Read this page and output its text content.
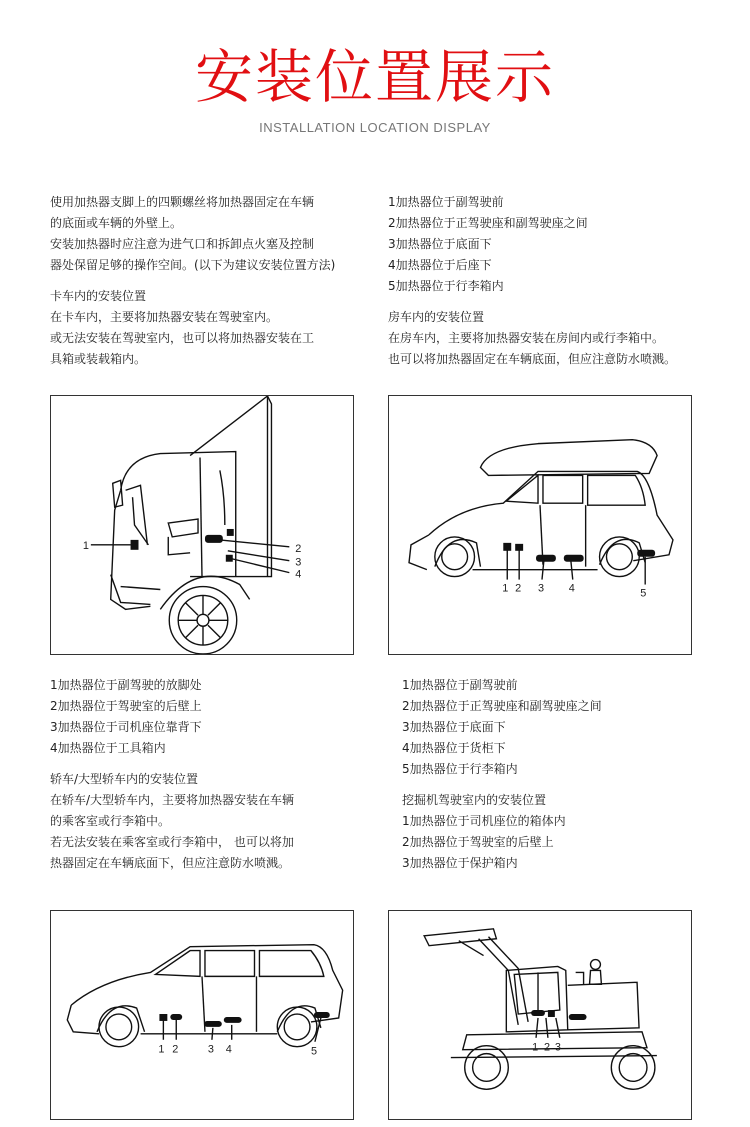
安装位置展示
INSTALLATION LOCATION DISPLAY
使用加热器支脚上的四颗螺丝将加热器固定在车辆
的底面或车辆的外壁上。
安装加热器时应注意为进气口和拆卸点火塞及控制
器处保留足够的操作空间。(以下为建议安装位置方法)
卡车内的安装位置
在卡车内，主要将加热器安装在驾驶室内。
或无法安装在驾驶室内，也可以将加热器安装在工
具箱或装载箱内。
1加热器位于副驾驶前
2加热器位于正驾驶座和副驾驶座之间
3加热器位于底面下
4加热器位于后座下
5加热器位于行李箱内
房车内的安装位置
在房车内，主要将加热器安装在房间内或行李箱中。
也可以将加热器固定在车辆底面，但应注意防水喷溅。
1	2
3
4
1 2 3 4	5
1加热器位于副驾驶的放脚处
2加热器位于驾驶室的后壁上
3加热器位于司机座位靠背下
4加热器位于工具箱内
轿车/大型轿车内的安装位置
在轿车/大型轿车内，主要将加热器安装在车辆
的乘客室或行李箱中。
若无法安装在乘客室或行李箱中， 也可以将加
热器固定在车辆底面下，但应注意防水喷溅。
1加热器位于副驾驶前
2加热器位于正驾驶座和副驾驶座之间
3加热器位于底面下
4加热器位于货柜下
5加热器位于行李箱内
挖掘机驾驶室内的安装位置
1加热器位于司机座位的箱体内
2加热器位于驾驶室的后壁上
3加热器位于保护箱内
1 2	3 4	5	1 2 3
